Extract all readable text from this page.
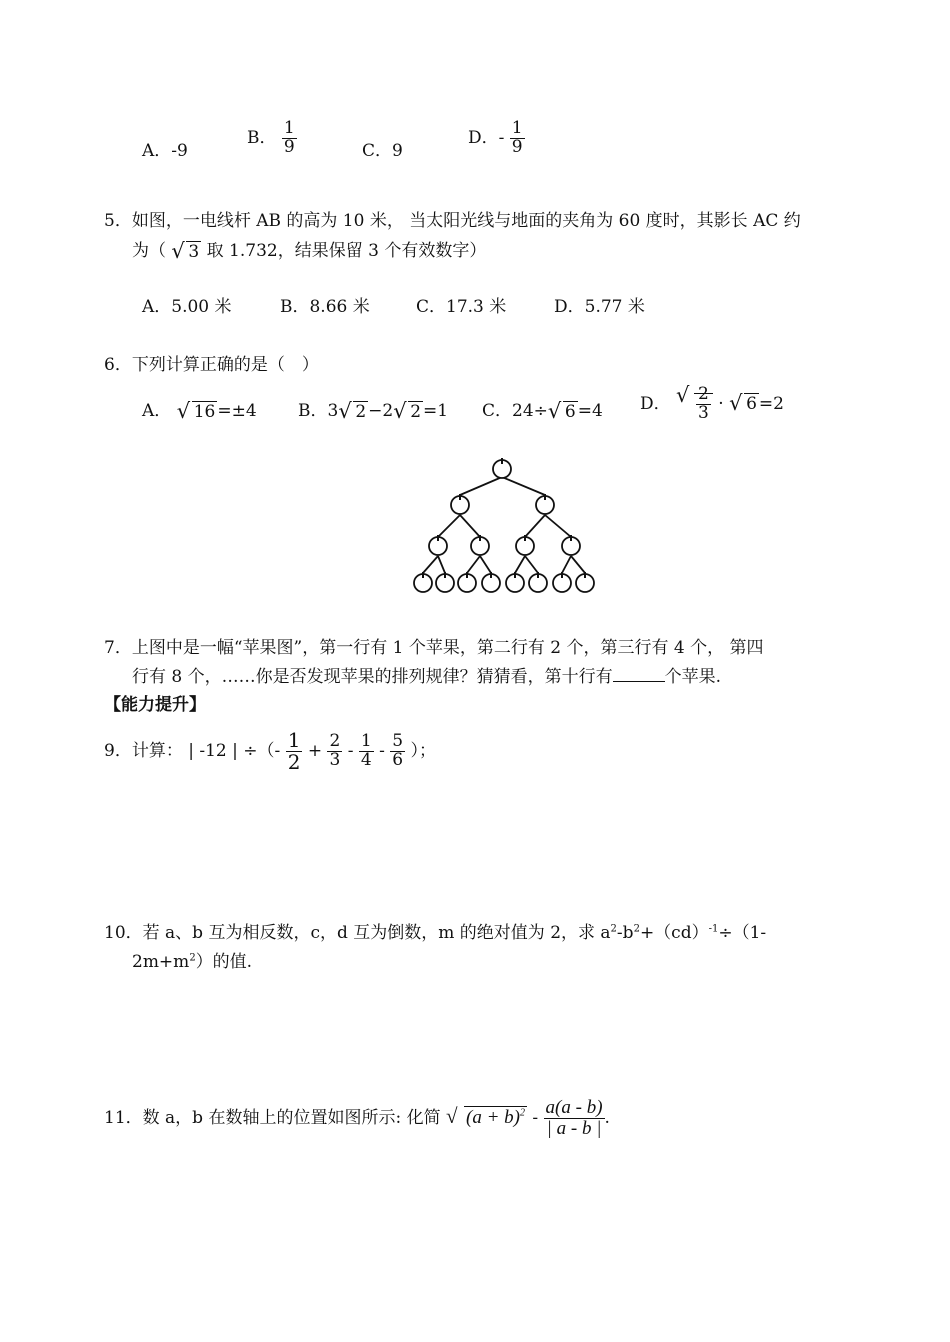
A．-9
B． $\frac{1}{9}$	C．9
D．- $\frac{1}{9}$
5．如图，一电线杆 AB 的高为 10 米， 当太阳光线与地面的夹角为 60 度时，其影长 AC 约
为（ √ 3 取 1.732，结果保留 3 个有效数字）
A．5.00 米	B．8.66 米	C．17.3 米	D．5.77 米
6．下列计算正确的是（　）
A． √ 16 =±4 B．3 √ 2 −2 √ 2 =1 C．24÷ √ 6 =4 D． √ $\frac{2}{3}$ · √ 6 =2
7．上图中是一幅“苹果图”，第一行有 1 个苹果，第二行有 2 个，第三行有 4 个， 第四
行有 8 个，……你是否发现苹果的排列规律？猜猜看，第十行有	个苹果.
【能力提升】
9．计算： | -12 | ÷（- $\frac{1}{2} + \frac{2}{3} - \frac{1}{4} - \frac{5}{6}$ ）；
10．若 a、b 互为相反数，c，d 互为倒数，m 的绝对值为 2，求 $a^2-b^2+(cd)^{-1}\div(1-$
$2m+m^2$）的值.
11．数 a，b 在数轴上的位置如图所示: 化简 √ $(a + b)^2 - \frac{a(a - b)}{| a - b |}$ .
